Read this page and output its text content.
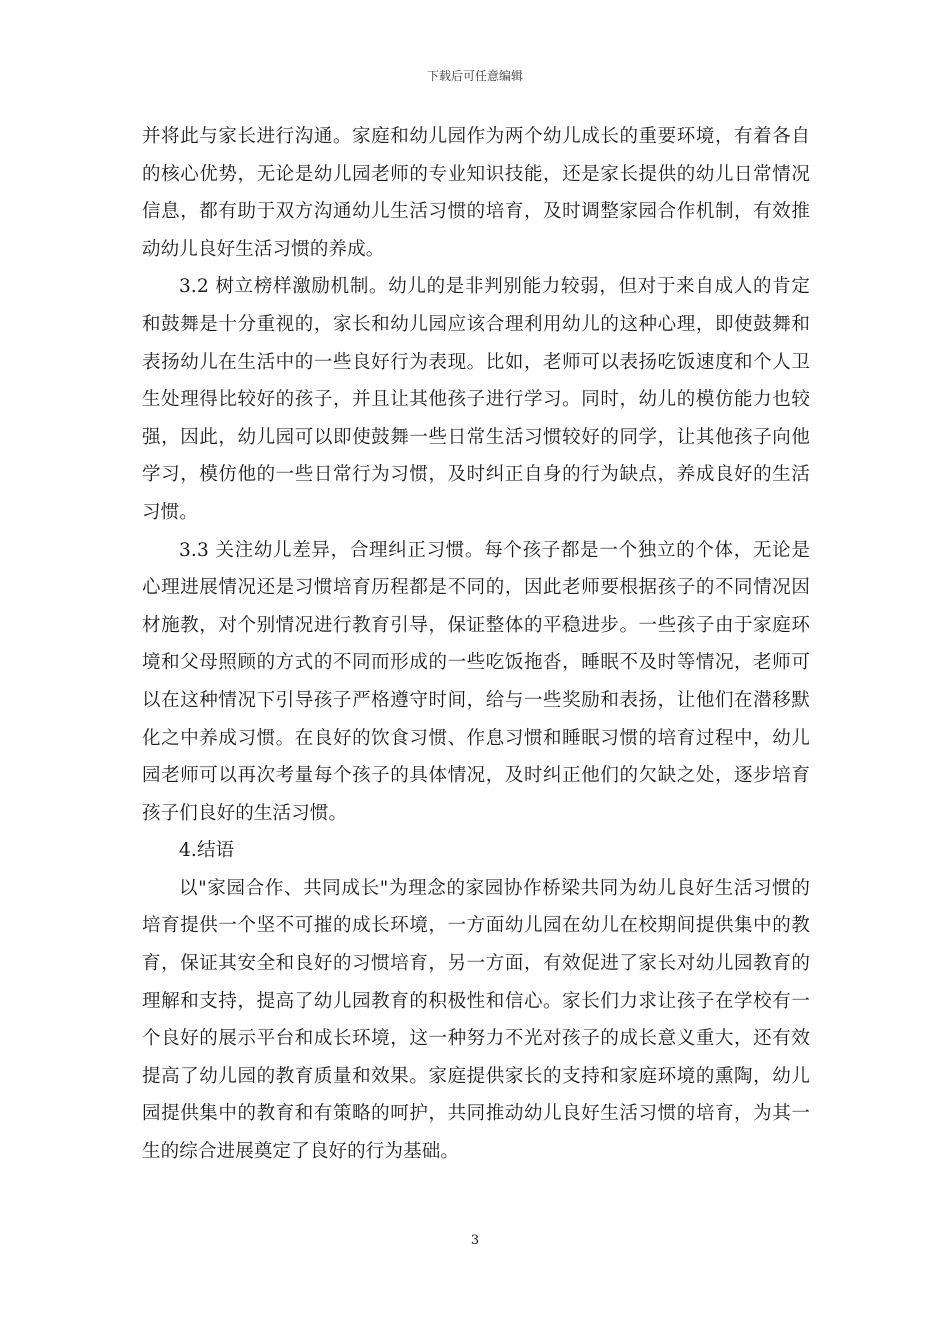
下载后可任意编辑

并将此与家长进行沟通。家庭和幼儿园作为两个幼儿成长的重要环境，有着各自的核心优势，无论是幼儿园老师的专业知识技能，还是家长提供的幼儿日常情况信息，都有助于双方沟通幼儿生活习惯的培育，及时调整家园合作机制，有效推动幼儿良好生活习惯的养成。

3.2 树立榜样激励机制。幼儿的是非判别能力较弱，但对于来自成人的肯定和鼓舞是十分重视的，家长和幼儿园应该合理利用幼儿的这种心理，即使鼓舞和表扬幼儿在生活中的一些良好行为表现。比如，老师可以表扬吃饭速度和个人卫生处理得比较好的孩子，并且让其他孩子进行学习。同时，幼儿的模仿能力也较强，因此，幼儿园可以即使鼓舞一些日常生活习惯较好的同学，让其他孩子向他学习，模仿他的一些日常行为习惯，及时纠正自身的行为缺点，养成良好的生活习惯。

3.3 关注幼儿差异，合理纠正习惯。每个孩子都是一个独立的个体，无论是心理进展情况还是习惯培育历程都是不同的，因此老师要根据孩子的不同情况因材施教，对个别情况进行教育引导，保证整体的平稳进步。一些孩子由于家庭环境和父母照顾的方式的不同而形成的一些吃饭拖沓，睡眠不及时等情况，老师可以在这种情况下引导孩子严格遵守时间，给与一些奖励和表扬，让他们在潜移默化之中养成习惯。在良好的饮食习惯、作息习惯和睡眠习惯的培育过程中，幼儿园老师可以再次考量每个孩子的具体情况，及时纠正他们的欠缺之处，逐步培育孩子们良好的生活习惯。

4.结语

以"家园合作、共同成长"为理念的家园协作桥梁共同为幼儿良好生活习惯的培育提供一个坚不可摧的成长环境，一方面幼儿园在幼儿在校期间提供集中的教育，保证其安全和良好的习惯培育，另一方面，有效促进了家长对幼儿园教育的理解和支持，提高了幼儿园教育的积极性和信心。家长们力求让孩子在学校有一个良好的展示平台和成长环境，这一种努力不光对孩子的成长意义重大，还有效提高了幼儿园的教育质量和效果。家庭提供家长的支持和家庭环境的熏陶，幼儿园提供集中的教育和有策略的呵护，共同推动幼儿良好生活习惯的培育，为其一生的综合进展奠定了良好的行为基础。

3
